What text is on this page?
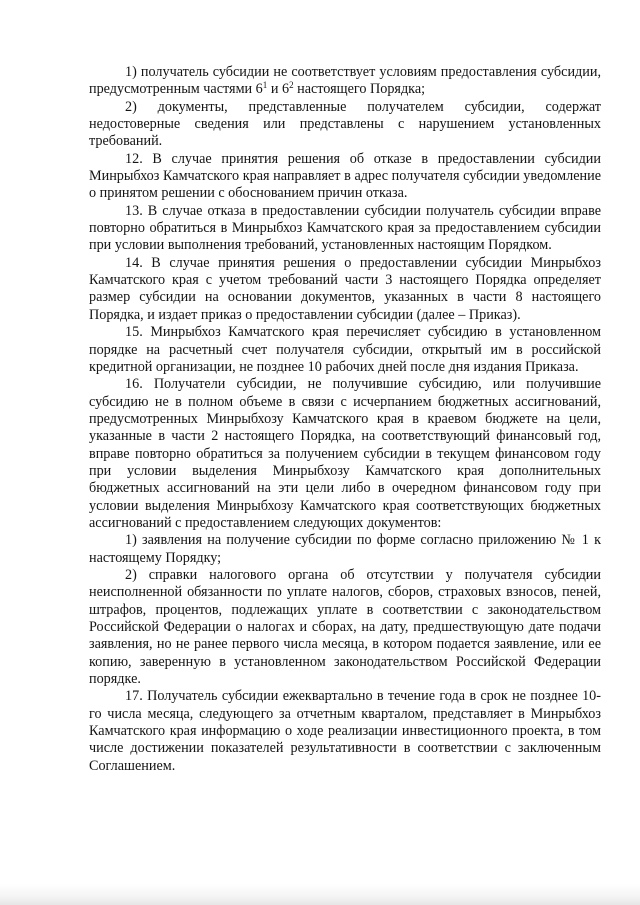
1) получатель субсидии не соответствует условиям предоставления субсидии, предусмотренным частями $6^1$ и $6^2$ настоящего Порядка;

2) документы, представленные получателем субсидии, содержат недостоверные сведения или представлены с нарушением установленных требований.

12. В случае принятия решения об отказе в предоставлении субсидии Минрыбхоз Камчатского края направляет в адрес получателя субсидии уведомление о принятом решении с обоснованием причин отказа.

13. В случае отказа в предоставлении субсидии получатель субсидии вправе повторно обратиться в Минрыбхоз Камчатского края за предоставлением субсидии при условии выполнения требований, установленных настоящим Порядком.

14. В случае принятия решения о предоставлении субсидии Минрыбхоз Камчатского края с учетом требований части 3 настоящего Порядка определяет размер субсидии на основании документов, указанных в части 8 настоящего Порядка, и издает приказ о предоставлении субсидии (далее – Приказ).

15. Минрыбхоз Камчатского края перечисляет субсидию в установленном порядке на расчетный счет получателя субсидии, открытый им в российской кредитной организации, не позднее 10 рабочих дней после дня издания Приказа.

16. Получатели субсидии, не получившие субсидию, или получившие субсидию не в полном объеме в связи с исчерпанием бюджетных ассигнований, предусмотренных Минрыбхозу Камчатского края в краевом бюджете на цели, указанные в части 2 настоящего Порядка, на соответствующий финансовый год, вправе повторно обратиться за получением субсидии в текущем финансовом году при условии выделения Минрыбхозу Камчатского края дополнительных бюджетных ассигнований на эти цели либо в очередном финансовом году при условии выделения Минрыбхозу Камчатского края соответствующих бюджетных ассигнований с предоставлением следующих документов:

1) заявления на получение субсидии по форме согласно приложению № 1 к настоящему Порядку;

2) справки налогового органа об отсутствии у получателя субсидии неисполненной обязанности по уплате налогов, сборов, страховых взносов, пеней, штрафов, процентов, подлежащих уплате в соответствии с законодательством Российской Федерации о налогах и сборах, на дату, предшествующую дате подачи заявления, но не ранее первого числа месяца, в котором подается заявление, или ее копию, заверенную в установленном законодательством Российской Федерации порядке.

17. Получатель субсидии ежеквартально в течение года в срок не позднее 10-го числа месяца, следующего за отчетным кварталом, представляет в Минрыбхоз Камчатского края информацию о ходе реализации инвестиционного проекта, в том числе достижении показателей результативности в соответствии с заключенным Соглашением.
